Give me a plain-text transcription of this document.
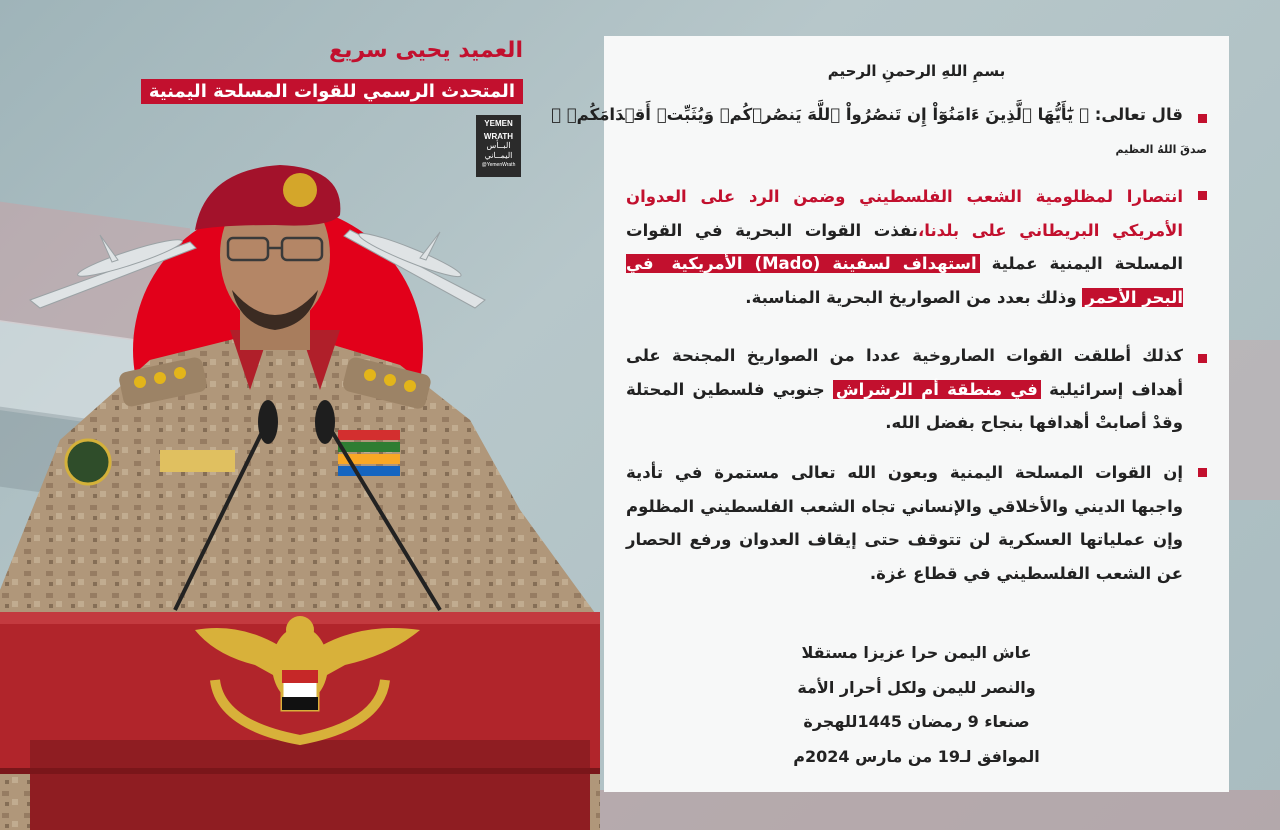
العميد يحيى سريع
المتحدث الرسمي للقوات المسلحة اليمنية
YEMEN
WRATH
البــأس
اليمــاني
@YemenWrath
بسمِ اللهِ الرحمنِ الرحيم
قال تعالى: ﴿ يَٰٓأَيُّهَا ٱلَّذِينَ ءَامَنُوٓاْ إِن تَنصُرُواْ ٱللَّهَ يَنصُرۡكُمۡ وَيُثَبِّتۡ أَقۡدَامَكُمۡ ﴾
صدقَ اللهُ العظيم
انتصارا لمظلومية الشعب الفلسطيني وضمن الرد على العدوان الأمريكي البريطاني على بلدنا،نفذت القوات البحرية في القوات المسلحة اليمنية عملية استهداف لسفينة (Mado) الأمريكية في البحر الأحمر وذلك بعدد من الصواريخ البحرية المناسبة.
كذلك أطلقت القوات الصاروخية عددا من الصواريخ المجنحة على أهداف إسرائيلية في منطقة أم الرشراش جنوبي فلسطين المحتلة وقدْ أصابتْ أهدافها بنجاح بفضل الله.
إن القوات المسلحة اليمنية وبعون الله تعالى مستمرة في تأدية واجبها الديني والأخلاقي والإنساني تجاه الشعب الفلسطيني المظلوم وإن عملياتها العسكرية لن تتوقف حتى إيقاف العدوان ورفع الحصار عن الشعب الفلسطيني في قطاع غزة.
عاش اليمن حرا عزيزا مستقلا
والنصر لليمن ولكل أحرار الأمة
صنعاء 9 رمضان 1445للهجرة
الموافق لـ19 من مارس 2024م
